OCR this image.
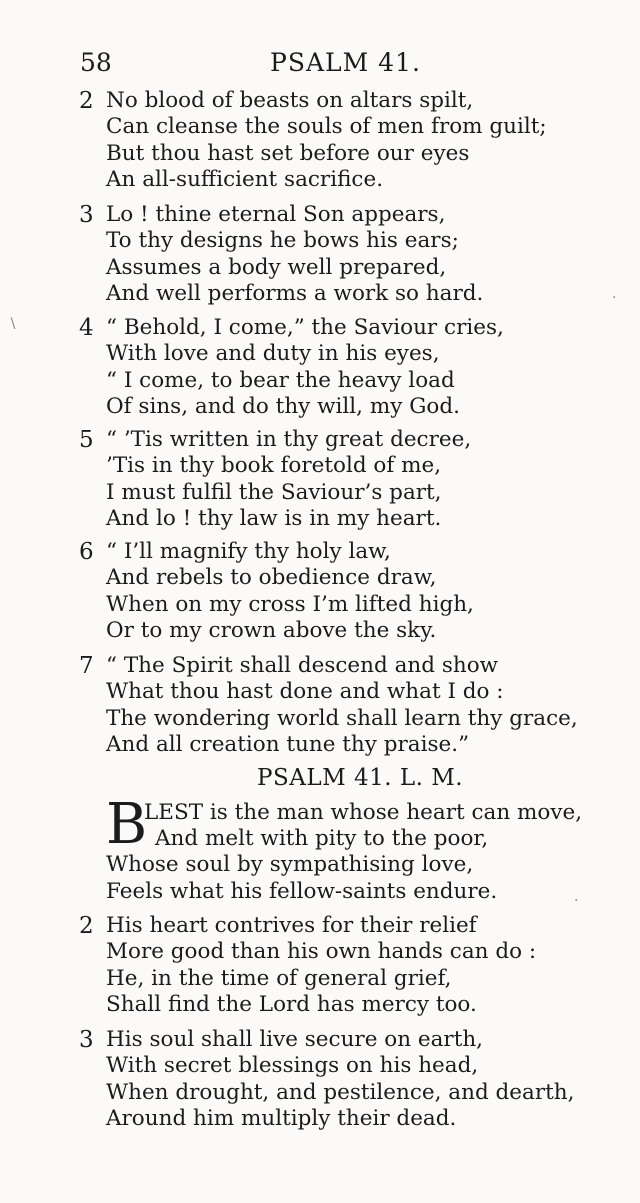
58	PSALM 41.
2 No blood of beasts on altars spilt,
Can cleanse the souls of men from guilt;
But thou hast set before our eyes
An all-sufficient sacrifice.
3 Lo ! thine eternal Son appears,
To thy designs he bows his ears;
Assumes a body well prepared,
And well performs a work so hard.
4 “ Behold, I come,” the Saviour cries,
With love and duty in his eyes,
“ I come, to bear the heavy load
Of sins, and do thy will, my God.
5 “ ’Tis written in thy great decree,
’Tis in thy book foretold of me,
I must fulfil the Saviour’s part,
And lo ! thy law is in my heart.
6 “ I’ll magnify thy holy law,
And rebels to obedience draw,
When on my cross I’m lifted high,
Or to my crown above the sky.
7 “ The Spirit shall descend and show
What thou hast done and what I do :
The wondering world shall learn thy grace,
And all creation tune thy praise.”
PSALM 41. L. M.
B
LEST is the man whose heart can move,
And melt with pity to the poor,
Whose soul by sympathising love,
Feels what his fellow-saints endure.
2 His heart contrives for their relief
More good than his own hands can do :
He, in the time of general grief,
Shall find the Lord has mercy too.
3 His soul shall live secure on earth,
With secret blessings on his head,
When drought, and pestilence, and dearth,
Around him multiply their dead.
∖
·
·
